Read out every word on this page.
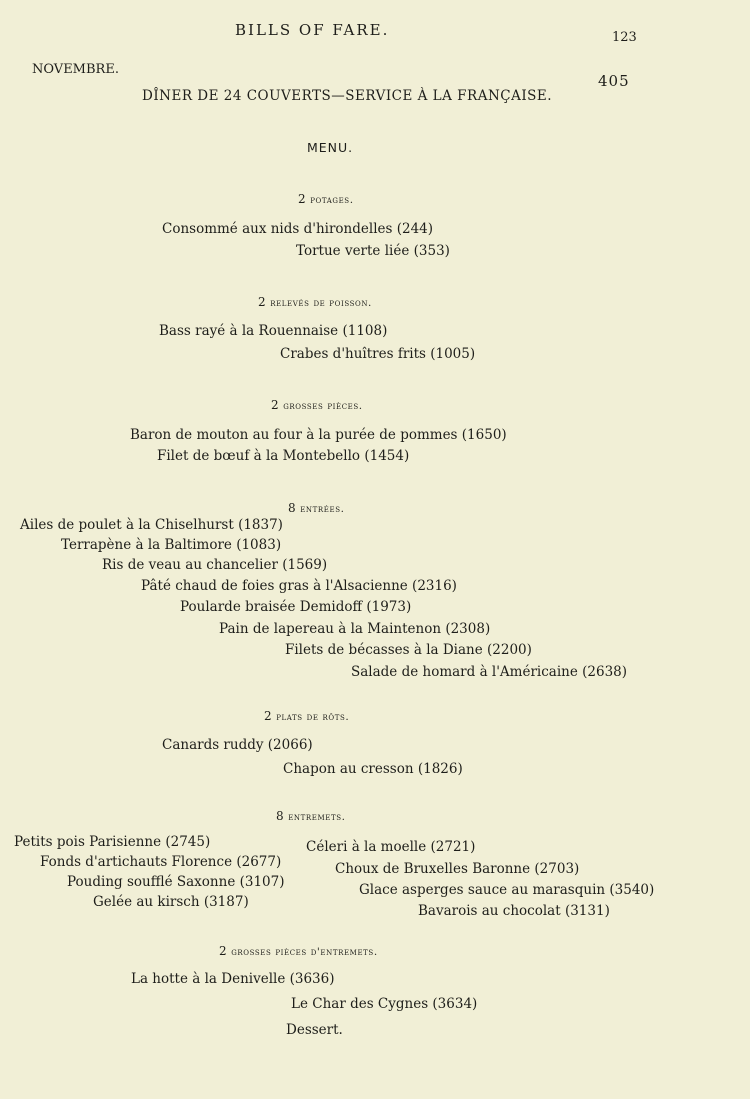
BILLS OF FARE.	123
NOVEMBRE.
405
DÎNER DE 24 COUVERTS—SERVICE À LA FRANÇAISE.
MENU.
2 potages.
Consommé aux nids d'hirondelles (244)
Tortue verte liée (353)
2 relevés de poisson.
Bass rayé à la Rouennaise (1108)
Crabes d'huîtres frits (1005)
2 grosses pièces.
Baron de mouton au four à la purée de pommes (1650)
Filet de bœuf à la Montebello (1454)
8 entrées.
Ailes de poulet à la Chiselhurst (1837)
Terrapène à la Baltimore (1083)
Ris de veau au chancelier (1569)
Pâté chaud de foies gras à l'Alsacienne (2316)
Poularde braisée Demidoff (1973)
Pain de lapereau à la Maintenon (2308)
Filets de bécasses à la Diane (2200)
Salade de homard à l'Américaine (2638)
2 plats de rôts.
Canards ruddy (2066)
Chapon au cresson (1826)
8 entremets.
Petits pois Parisienne (2745)
Fonds d'artichauts Florence (2677)
Pouding soufflé Saxonne (3107)
Gelée au kirsch (3187)
Céleri à la moelle (2721)
Choux de Bruxelles Baronne (2703)
Glace asperges sauce au marasquin (3540)
Bavarois au chocolat (3131)
2 grosses pièces d'entremets.
La hotte à la Denivelle (3636)
Le Char des Cygnes (3634)
Dessert.
